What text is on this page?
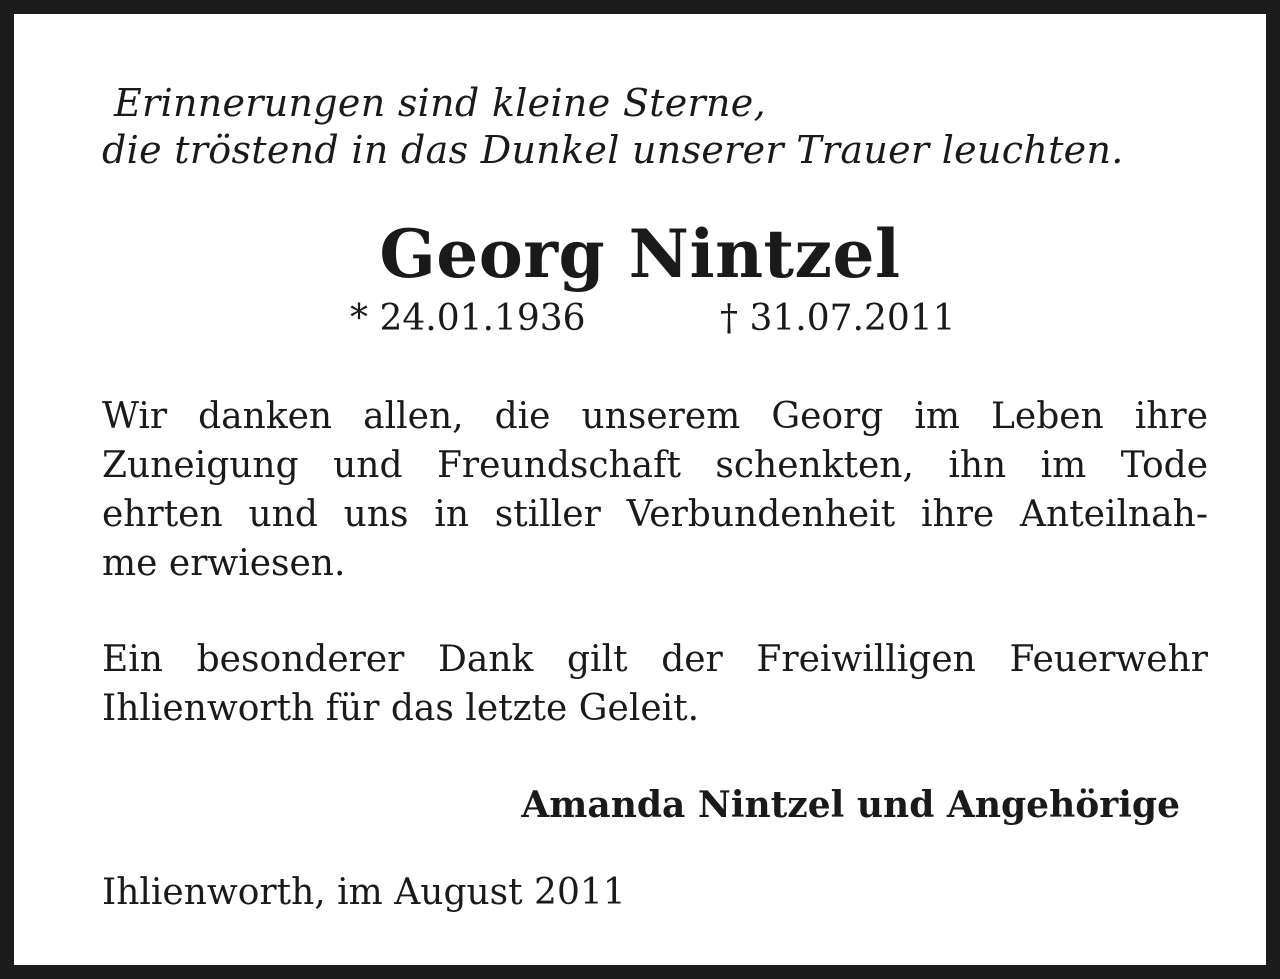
Erinnerungen sind kleine Sterne,
die tröstend in das Dunkel unserer Trauer leuchten.
Georg Nintzel
* 24.01.1936	† 31.07.2011
Wir danken allen, die unserem Georg im Leben ihre
Zuneigung und Freundschaft schenkten, ihn im Tode
ehrten und uns in stiller Verbundenheit ihre Anteilnah-
me erwiesen.
Ein besonderer Dank gilt der Freiwilligen Feuerwehr
Ihlienworth für das letzte Geleit.
Amanda Nintzel und Angehörige
Ihlienworth, im August 2011
